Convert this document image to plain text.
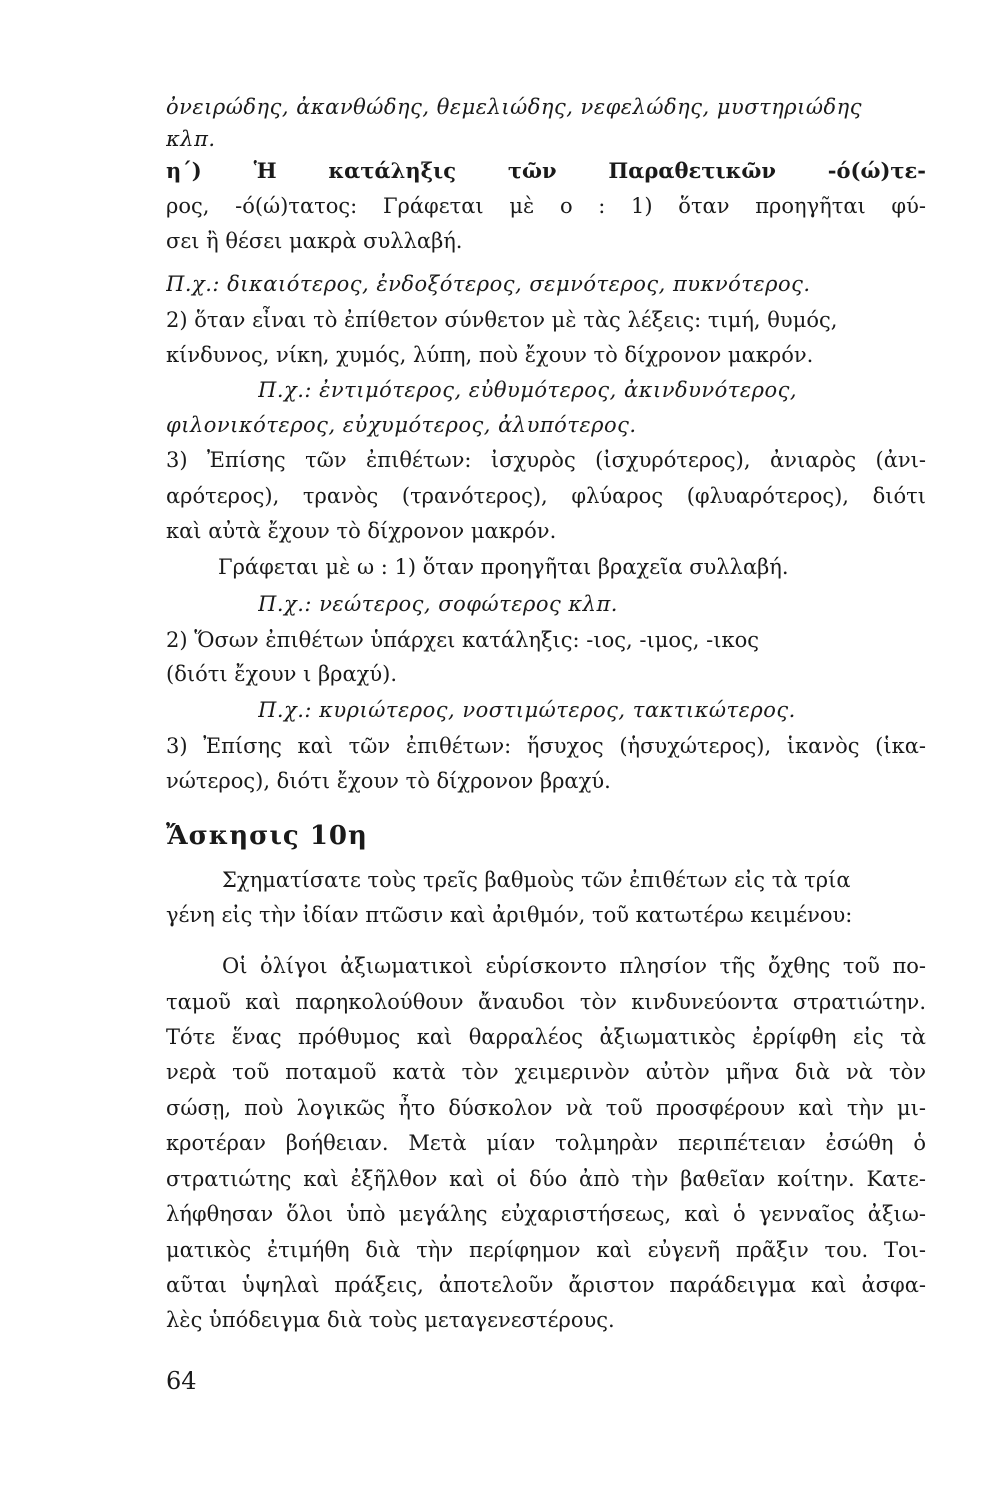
ὀνειρώδης, ἀκανθώδης, θεμελιώδης, νεφελώδης, μυστηριώδης
κλπ.
η΄) Ἡ κατάληξις τῶν Παραθετικῶν -ό(ώ)τε-
ρος, -ό(ώ)τατος: Γράφεται μὲ ο : 1) ὅταν προηγῆται φύ-
σει ἢ θέσει μακρὰ συλλαβή.
Π.χ.: δικαιότερος, ἐνδοξότερος, σεμνότερος, πυκνότερος.
2) ὅταν εἶναι τὸ ἐπίθετον σύνθετον μὲ τὰς λέξεις: τιμή, θυμός,
κίνδυνος, νίκη, χυμός, λύπη, ποὺ ἔχουν τὸ δίχρονον μακρόν.
Π.χ.: ἐντιμότερος, εὐθυμότερος, ἀκινδυνότερος,
φιλονικότερος, εὐχυμότερος, ἀλυπότερος.
3) Ἐπίσης τῶν ἐπιθέτων: ἰσχυρὸς (ἰσχυρότερος), ἀνιαρὸς (ἀνι-
αρότερος), τρανὸς (τρανότερος), φλύαρος (φλυαρότερος), διότι
καὶ αὐτὰ ἔχουν τὸ δίχρονον μακρόν.
Γράφεται μὲ ω : 1) ὅταν προηγῆται βραχεῖα συλλαβή.
Π.χ.: νεώτερος, σοφώτερος κλπ.
2) Ὅσων ἐπιθέτων ὑπάρχει κατάληξις: -ιος, -ιμος, -ικος
(διότι ἔχουν ι βραχύ).
Π.χ.: κυριώτερος, νοστιμώτερος, τακτικώτερος.
3) Ἐπίσης καὶ τῶν ἐπιθέτων: ἥσυχος (ἡσυχώτερος), ἱκανὸς (ἱκα-
νώτερος), διότι ἔχουν τὸ δίχρονον βραχύ.
Ἄσκησις 10η
Σχηματίσατε τοὺς τρεῖς βαθμοὺς τῶν ἐπιθέτων εἰς τὰ τρία
γένη εἰς τὴν ἰδίαν πτῶσιν καὶ ἀριθμόν, τοῦ κατωτέρω κειμένου:
Οἱ ὀλίγοι ἀξιωματικοὶ εὑρίσκοντο πλησίον τῆς ὄχθης τοῦ πο-
ταμοῦ καὶ παρηκολούθουν ἄναυδοι τὸν κινδυνεύοντα στρατιώτην.
Τότε ἕνας πρόθυμος καὶ θαρραλέος ἀξιωματικὸς ἐρρίφθη εἰς τὰ
νερὰ τοῦ ποταμοῦ κατὰ τὸν χειμερινὸν αὐτὸν μῆνα διὰ νὰ τὸν
σώσῃ, ποὺ λογικῶς ἦτο δύσκολον νὰ τοῦ προσφέρουν καὶ τὴν μι-
κροτέραν βοήθειαν. Μετὰ μίαν τολμηρὰν περιπέτειαν ἐσώθη ὁ
στρατιώτης καὶ ἐξῆλθον καὶ οἱ δύο ἀπὸ τὴν βαθεῖαν κοίτην. Κατε-
λήφθησαν ὅλοι ὑπὸ μεγάλης εὐχαριστήσεως, καὶ ὁ γενναῖος ἀξιω-
ματικὸς ἐτιμήθη διὰ τὴν περίφημον καὶ εὐγενῆ πρᾶξιν του. Τοι-
αῦται ὑψηλαὶ πράξεις, ἀποτελοῦν ἄριστον παράδειγμα καὶ ἀσφα-
λὲς ὑπόδειγμα διὰ τοὺς μεταγενεστέρους.
64
